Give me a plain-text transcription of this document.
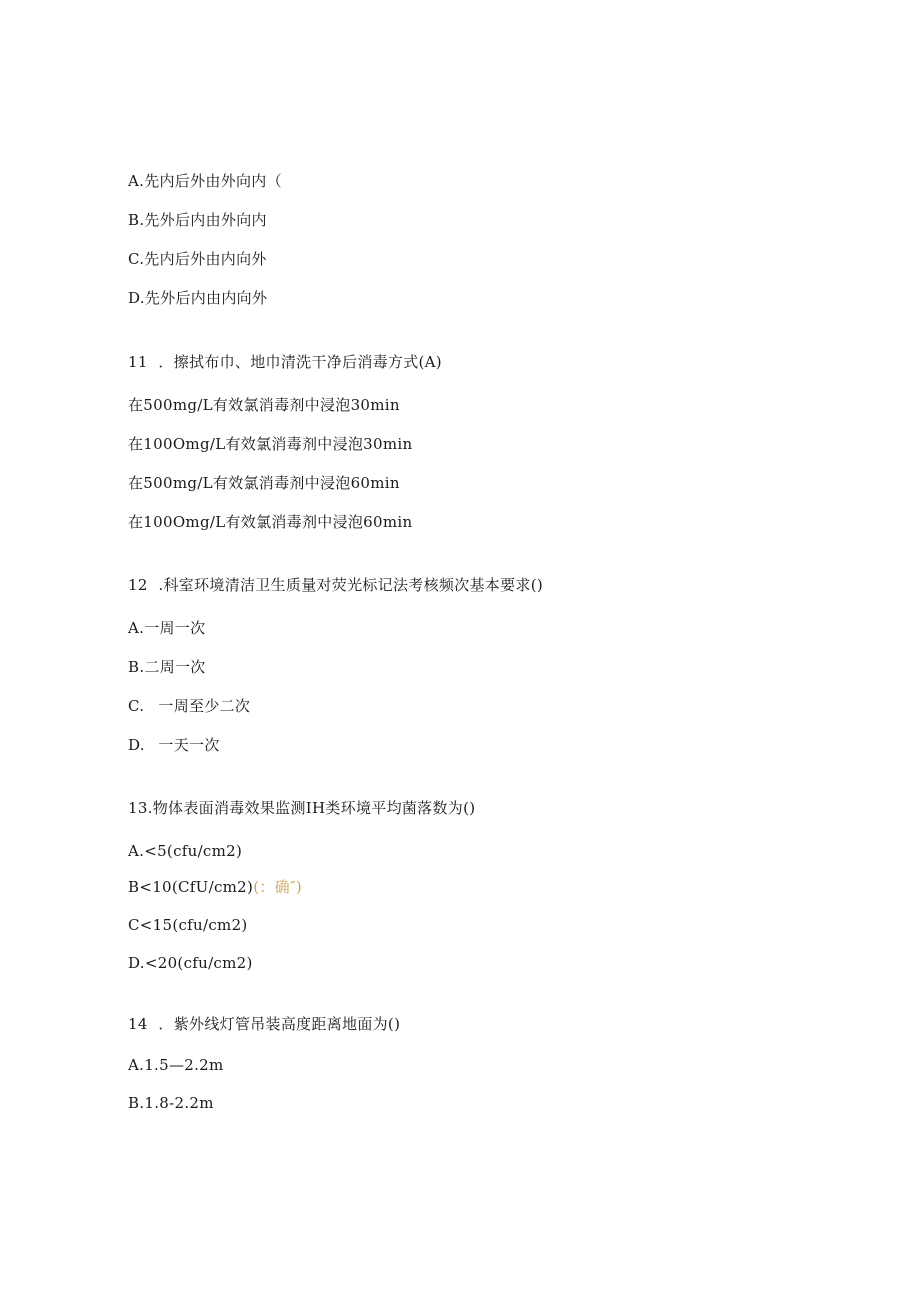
A.先内后外由外向内（
B.先外后内由外向内
C.先内后外由内向外
D.先外后内由内向外
11	．擦拭布巾、地巾清洗干净后消毒方式(A)
在500mg∕L有效氯消毒剂中浸泡30min
在100Omg/L有效氯消毒剂中浸泡30min
在500mg∕L有效氯消毒剂中浸泡60min
在100Omg/L有效氯消毒剂中浸泡60min
12	.科室环境清洁卫生质量对荧光标记法考核频次基本要求()
A.一周一次
B.二周一次
C.	一周至少二次
D.	一天一次
13.物体表面消毒效果监测IH类环境平均菌落数为()
A.<5(cfu∕cm2)
B<10(CfU/cm2)(：确″)
C<15(cfu∕cm2)
D.<20(cfu∕cm2)
14	．紫外线灯管吊装高度距离地面为()
A.1.5—2.2m
B.1.8-2.2m
